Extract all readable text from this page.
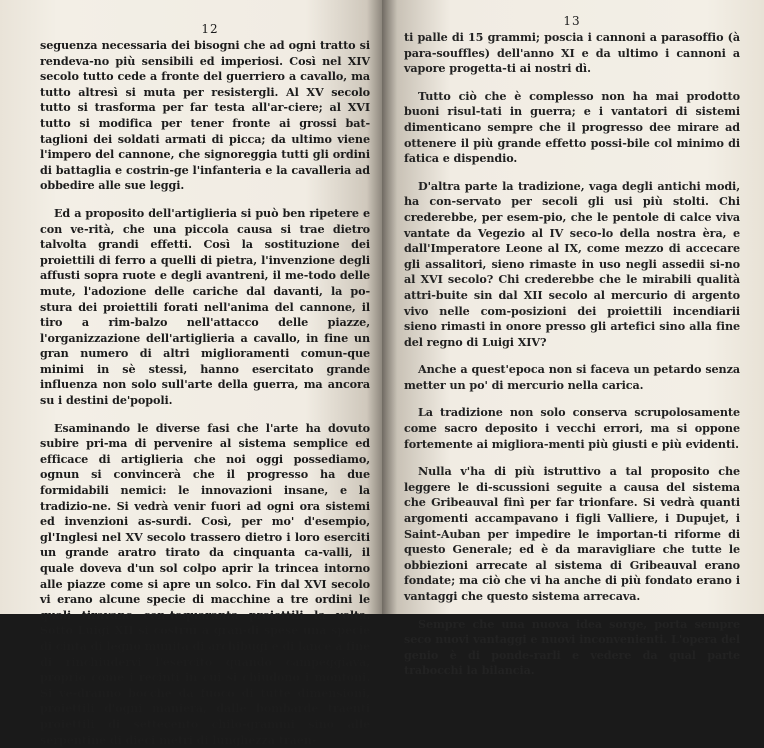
12

seguenza necessaria dei bisogni che ad ogni tratto si rendeva-no più sensibili ed imperiosi. Così nel XIV secolo tutto cede a fronte del guerriero a cavallo, ma tutto altresì si muta per resistergli. Al XV secolo tutto si trasforma per far testa all'ar-ciere; al XVI tutto si modifica per tener fronte ai grossi bat-taglioni dei soldati armati di picca; da ultimo viene l'impero del cannone, che signoreggia tutti gli ordini di battaglia e costrin-ge l'infanteria e la cavalleria ad obbedire alle sue leggi.

Ed a proposito dell'artiglieria si può ben ripetere e con ve-rità, che una piccola causa si trae dietro talvolta grandi effetti. Così la sostituzione dei proiettili di ferro a quelli di pietra, l'invenzione degli affusti sopra ruote e degli avantreni, il me-todo delle mute, l'adozione delle cariche dal davanti, la po-stura dei proiettili forati nell'anima del cannone, il tiro a rim-balzo nell'attacco delle piazze, l'organizzazione dell'artiglieria a cavallo, in fine un gran numero di altri miglioramenti comun-que minimi in sè stessi, hanno esercitato grande influenza non solo sull'arte della guerra, ma ancora su i destini de'popoli.

Esaminando le diverse fasi che l'arte ha dovuto subire pri-ma di pervenire al sistema semplice ed efficace di artiglieria che noi oggi possediamo, ognun si convincerà che il progresso ha due formidabili nemici: le innovazioni insane, e la tradizio-ne. Si vedrà venir fuori ad ogni ora sistemi ed invenzioni as-surdi. Così, per mo' d'esempio, gl'Inglesi nel XV secolo trassero dietro i loro eserciti un grande aratro tirato da cinquanta ca-valli, il quale doveva d'un sol colpo aprir la trincea intorno alle piazze come si apre un solco. Fin dal XVI secolo vi erano alcune specie di macchine a tre ordini le quali tiravano cen-toquaranta proiettili la volta. Sotto Luigi XII si costruì a gran-di spese una specie di cinta di legno munita di archibugi e di lance a fine di rinchiudervi l'esercito quando campeggiava, proprio come i recinti in cui si chiudono i montoni. Si ve-dranno bocche da fuoco di tutte dimensioni, proiettili d'ogni maniera, dalle bombarde traenti proiettili di settecento chilo-grammi sino alle serpentine di dieci metri di lunghezza traen-

13

ti palle di 15 grammi; poscia i cannoni a parasoffio (à para-souffles) dell'anno XI e da ultimo i cannoni a vapore progetta-ti ai nostri dì.

Tutto ciò che è complesso non ha mai prodotto buoni risul-tati in guerra; e i vantatori di sistemi dimenticano sempre che il progresso dee mirare ad ottenere il più grande effetto possi-bile col minimo di fatica e dispendio.

D'altra parte la tradizione, vaga degli antichi modi, ha con-servato per secoli gli usi più stolti. Chi crederebbe, per esem-pio, che le pentole di calce viva vantate da Vegezio al IV seco-lo della nostra èra, e dall'Imperatore Leone al IX, come mezzo di accecare gli assalitori, sieno rimaste in uso negli assedii si-no al XVI secolo? Chi crederebbe che le mirabili qualità attri-buite sin dal XII secolo al mercurio di argento vivo nelle com-posizioni dei proiettili incendiarii sieno rimasti in onore presso gli artefici sino alla fine del regno di Luigi XIV?

Anche a quest'epoca non si faceva un petardo senza metter un po' di mercurio nella carica.

La tradizione non solo conserva scrupolosamente come sacro deposito i vecchi errori, ma si oppone fortemente ai migliora-menti più giusti e più evidenti.

Nulla v'ha di più istruttivo a tal proposito che leggere le di-scussioni seguite a causa del sistema che Gribeauval finì per far trionfare. Si vedrà quanti argomenti accampavano i figli Valliere, i Dupujet, i Saint-Auban per impedire le importan-ti riforme di questo Generale; ed è da maravigliare che tutte le obbiezioni arrecate al sistema di Gribeauval erano fondate; ma ciò che vi ha anche di più fondato erano i vantaggi che questo sistema arrecava.

Sempre che una nuova idea sorge, porta sempre seco nuovi vantaggi e nuovi inconvenienti. L'opera del genio è di ponde-rarli e vedere da qual parte trabocchi la bilancia.
